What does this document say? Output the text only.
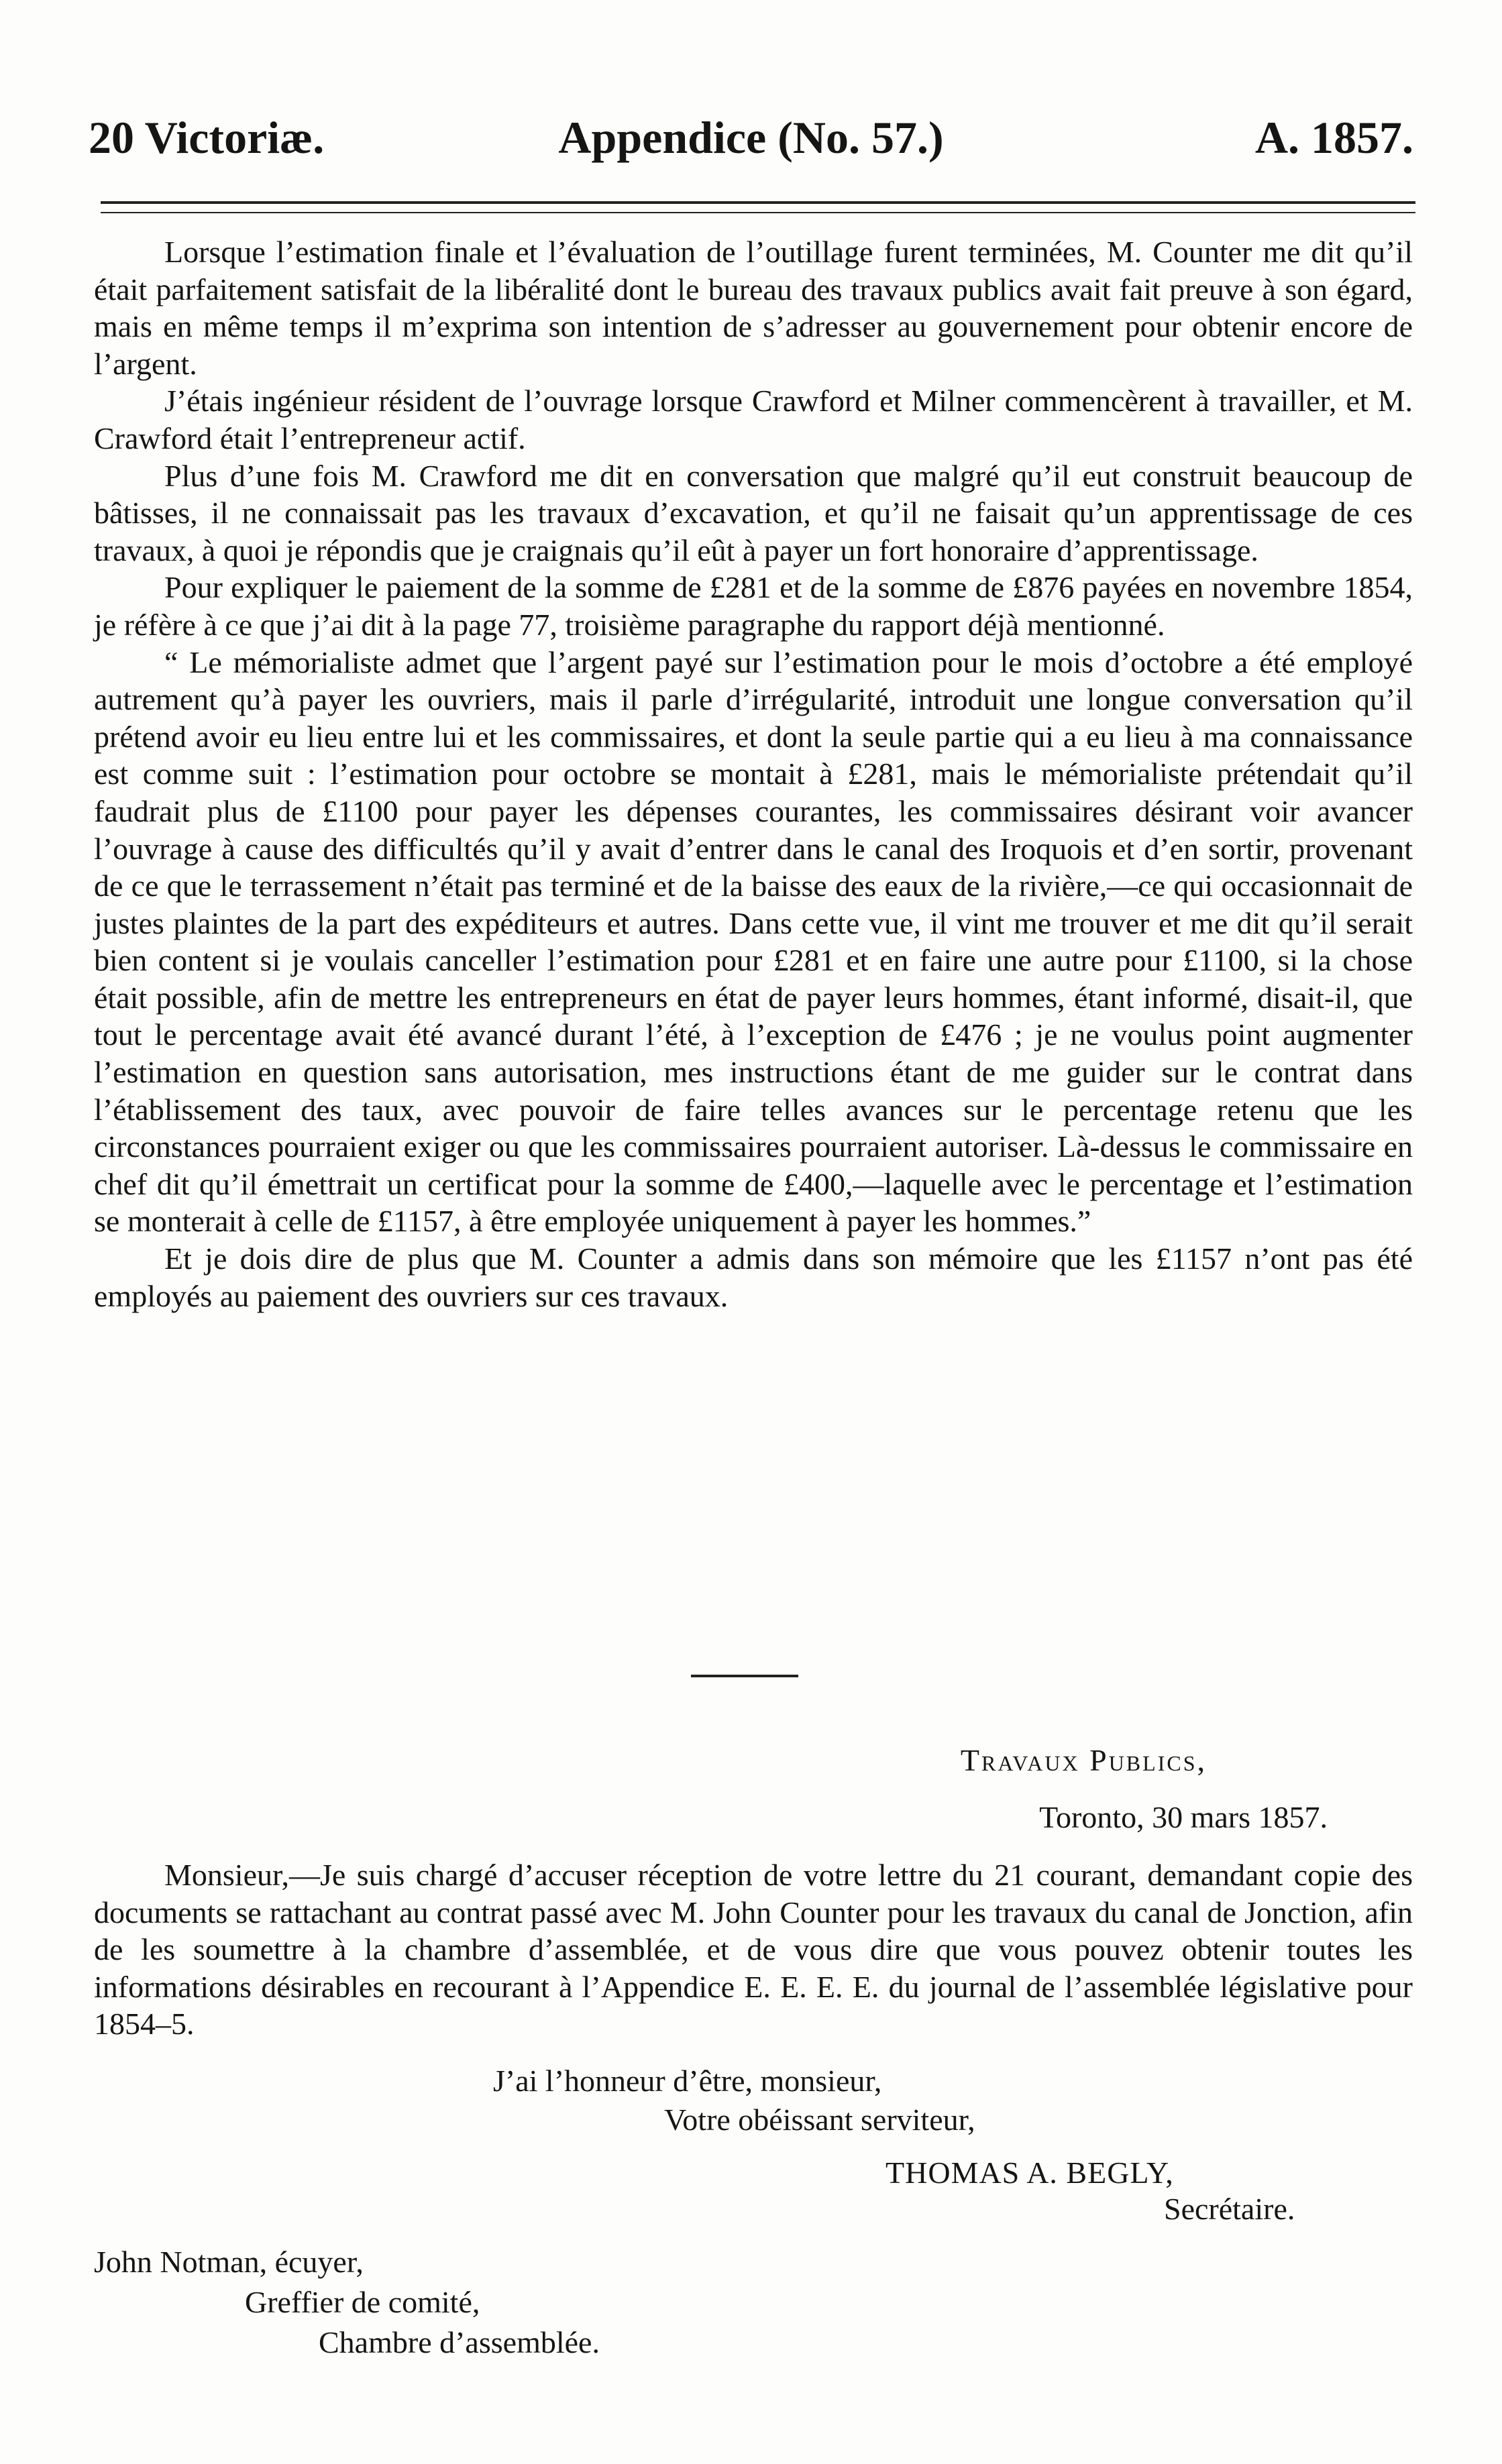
20 Victoriæ.	Appendice (No. 57.)	A. 1857.

Lorsque l’estimation finale et l’évaluation de l’outillage furent terminées, M. Counter me dit qu’il était parfaitement satisfait de la libéralité dont le bureau des travaux publics avait fait preuve à son égard, mais en même temps il m’exprima son intention de s’adresser au gouvernement pour obtenir encore de l’argent.

J’étais ingénieur résident de l’ouvrage lorsque Crawford et Milner commencèrent à travailler, et M. Crawford était l’entrepreneur actif.

Plus d’une fois M. Crawford me dit en conversation que malgré qu’il eut construit beaucoup de bâtisses, il ne connaissait pas les travaux d’excavation, et qu’il ne faisait qu’un apprentissage de ces travaux, à quoi je répondis que je craignais qu’il eût à payer un fort honoraire d’apprentissage.

Pour expliquer le paiement de la somme de £281 et de la somme de £876 payées en novembre 1854, je réfère à ce que j’ai dit à la page 77, troisième paragraphe du rapport déjà mentionné.

“ Le mémorialiste admet que l’argent payé sur l’estimation pour le mois d’octobre a été employé autrement qu’à payer les ouvriers, mais il parle d’irrégularité, introduit une longue conversation qu’il prétend avoir eu lieu entre lui et les commissaires, et dont la seule partie qui a eu lieu à ma connaissance est comme suit : l’estimation pour octobre se montait à £281, mais le mémorialiste prétendait qu’il faudrait plus de £1100 pour payer les dépenses courantes, les commissaires désirant voir avancer l’ouvrage à cause des difficultés qu’il y avait d’entrer dans le canal des Iroquois et d’en sortir, provenant de ce que le terrassement n’était pas terminé et de la baisse des eaux de la rivière,—ce qui occasionnait de justes plaintes de la part des expéditeurs et autres. Dans cette vue, il vint me trouver et me dit qu’il serait bien content si je voulais canceller l’estimation pour £281 et en faire une autre pour £1100, si la chose était possible, afin de mettre les entrepreneurs en état de payer leurs hommes, étant informé, disait-il, que tout le percentage avait été avancé durant l’été, à l’exception de £476 ; je ne voulus point augmenter l’estimation en question sans autorisation, mes instructions étant de me guider sur le contrat dans l’établissement des taux, avec pouvoir de faire telles avances sur le percentage retenu que les circonstances pourraient exiger ou que les commissaires pourraient autoriser. Là-dessus le commissaire en chef dit qu’il émettrait un certificat pour la somme de £400,—laquelle avec le percentage et l’estimation se monterait à celle de £1157, à être employée uniquement à payer les hommes.”

Et je dois dire de plus que M. Counter a admis dans son mémoire que les £1157 n’ont pas été employés au paiement des ouvriers sur ces travaux.

Travaux Publics,
Toronto, 30 mars 1857.

Monsieur,—Je suis chargé d’accuser réception de votre lettre du 21 courant, demandant copie des documents se rattachant au contrat passé avec M. John Counter pour les travaux du canal de Jonction, afin de les soumettre à la chambre d’assemblée, et de vous dire que vous pouvez obtenir toutes les informations désirables en recourant à l’Appendice E. E. E. E. du journal de l’assemblée législative pour 1854–5.

J’ai l’honneur d’être, monsieur,
Votre obéissant serviteur,
THOMAS A. BEGLY,
Secrétaire.
John Notman, écuyer,
Greffier de comité,
Chambre d’assemblée.
